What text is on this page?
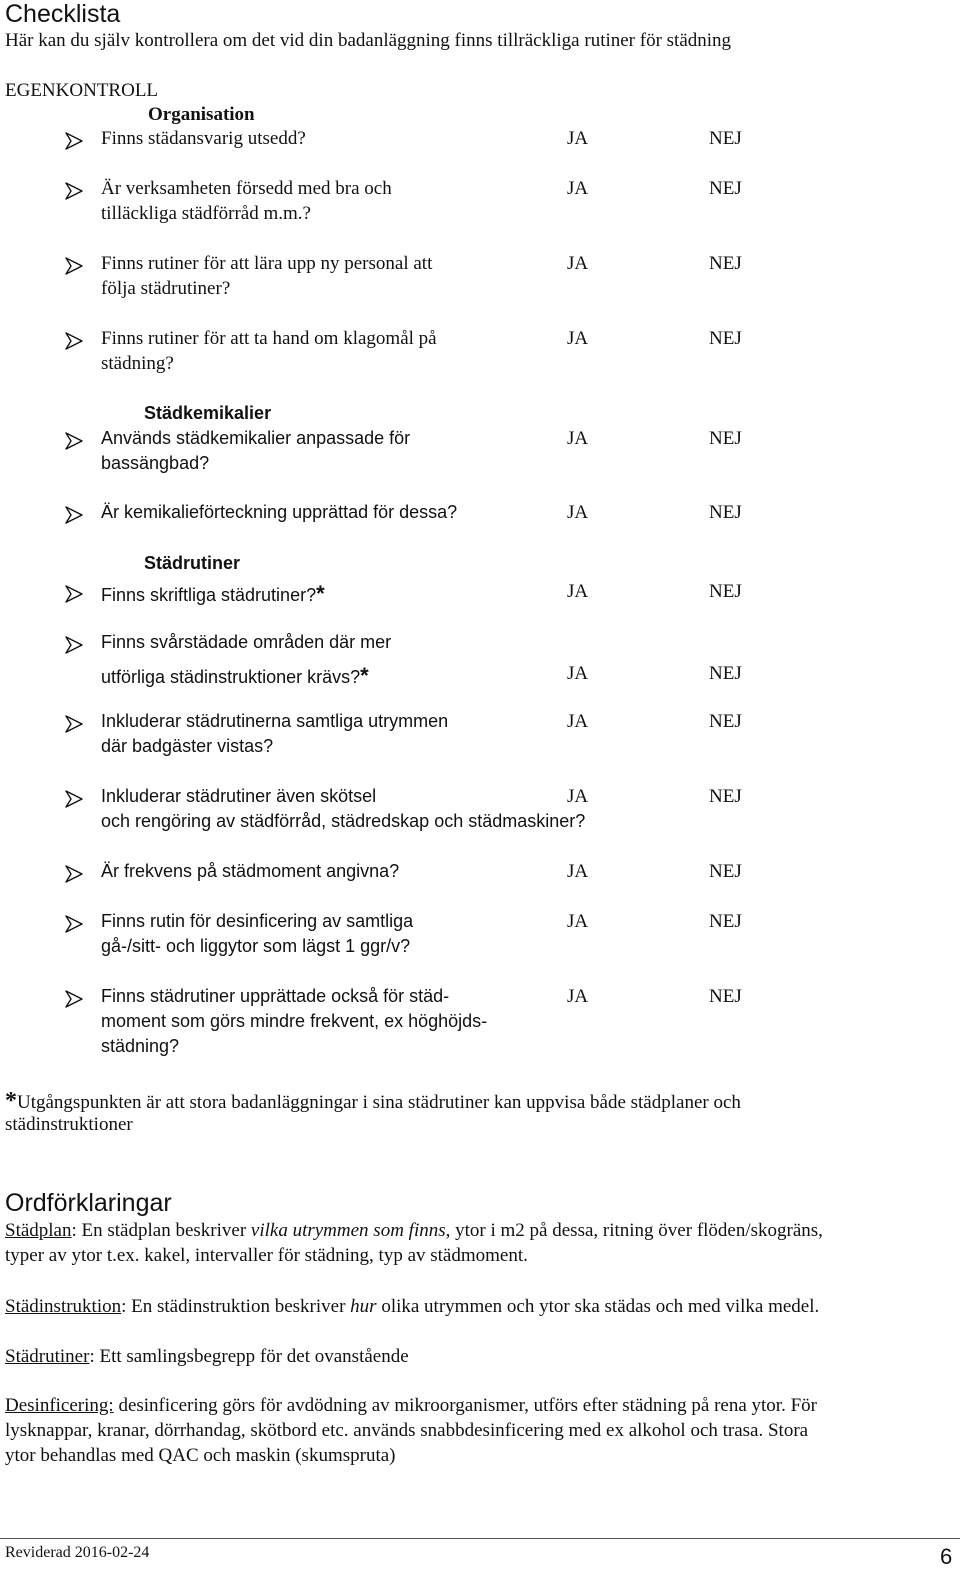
Checklista
Här kan du själv kontrollera om det vid din badanläggning finns tillräckliga rutiner för städning
EGENKONTROLL
Organisation
Städkemikalier
Städrutiner
Finns städansvarig utsedd?	JA	NEJ
Är verksamheten försedd med bra och
tilläckliga städförråd m.m.?
JA	NEJ
Finns rutiner för att lära upp ny personal att
följa städrutiner?
JA	NEJ
Finns rutiner för att ta hand om klagomål på
städning?
JA	NEJ
Används städkemikalier anpassade för
bassängbad?
JA	NEJ
Är kemikalieförteckning upprättad för dessa?	JA	NEJ
Finns skriftliga städrutiner?*	JA	NEJ
Finns svårstädade områden där mer
utförliga städinstruktioner krävs?*	JA	NEJ
Inkluderar städrutinerna samtliga utrymmen
där badgäster vistas?
JA	NEJ
Inkluderar städrutiner även skötsel
och rengöring av städförråd, städredskap och städmaskiner?
JA	NEJ
Är frekvens på städmoment angivna?	JA	NEJ
Finns rutin för desinficering av samtliga
gå-/sitt- och liggytor som lägst 1 ggr/v?
JA	NEJ
Finns städrutiner upprättade också för städ-
moment som görs mindre frekvent, ex höghöjds-
städning?
JA	NEJ
*Utgångspunkten är att stora badanläggningar i sina städrutiner kan uppvisa både städplaner och
städinstruktioner
Ordförklaringar
Städplan: En städplan beskriver vilka utrymmen som finns, ytor i m2 på dessa, ritning över flöden/skogräns,
typer av ytor t.ex. kakel, intervaller för städning, typ av städmoment.
Städinstruktion: En städinstruktion beskriver hur olika utrymmen och ytor ska städas och med vilka medel.
Städrutiner: Ett samlingsbegrepp för det ovanstående
Desinficering: desinficering görs för avdödning av mikroorganismer, utförs efter städning på rena ytor. För
lysknappar, kranar, dörrhandag, skötbord etc. används snabbdesinficering med ex alkohol och trasa. Stora
ytor behandlas med QAC och maskin (skumspruta)
Reviderad 2016-02-24	6
